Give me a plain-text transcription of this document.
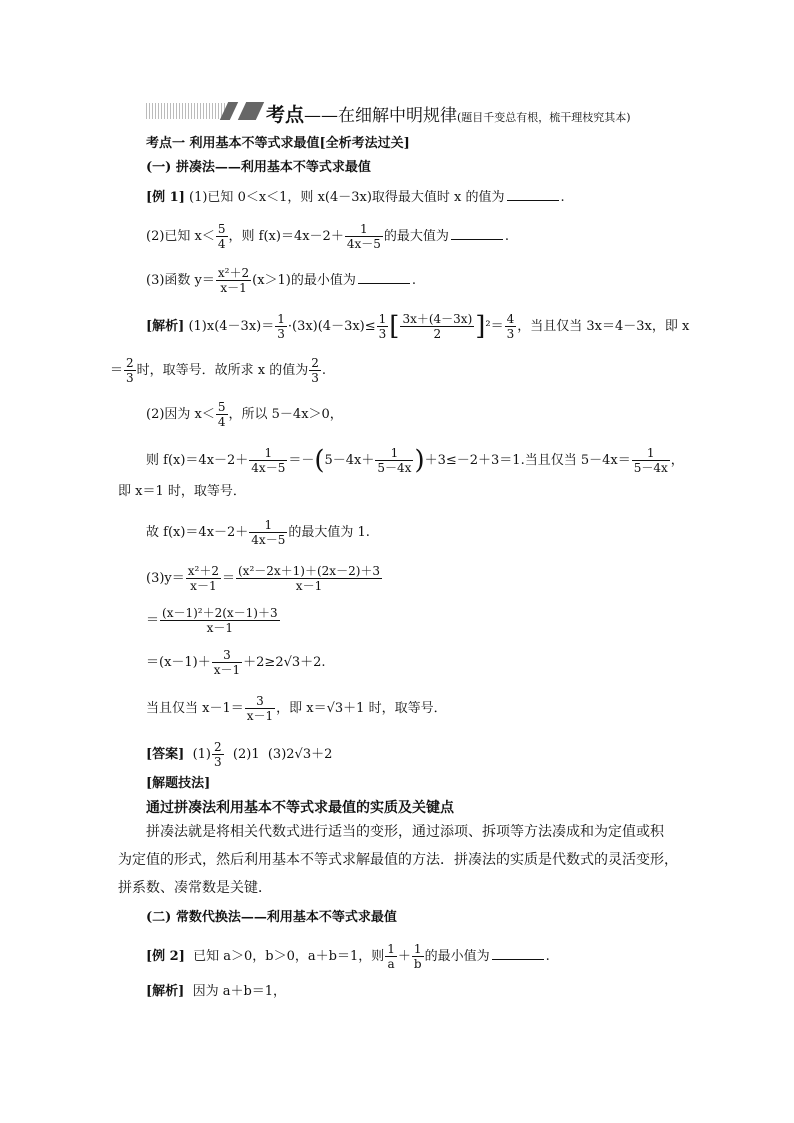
考点——在细解中明规律(题目千变总有根，梳干理枝究其本)
考点一 利用基本不等式求最值[全析考法过关]
(一) 拼凑法——利用基本不等式求最值
[例 1] (1)已知 0＜x＜1，则 x(4－3x)取得最大值时 x 的值为	.
(2)已知 $x< \frac{5}{4}$ ，则 $f(x)=4x-2+ \frac{1}{4x-5}$ 的最大值为	.
(3)函数 $y= \frac{\text{x²＋2}}{x-1} (x>1)$的最小值为	.
[解析] $(1)x(4-3x)= \frac{1}{3} \cdot(3x)(4-3x)\le \frac{1}{3}$ [ $\frac{3x+(4-3x)}{2} ]^2= \frac{4}{3}$ ，当且仅当 3x＝4－3x，即 x
＝ $\frac{2}{3}$ 时，取等号．故所求 x 的值为 $\frac{2}{3}$ .
(2)因为 $x< \frac{5}{4}$ ，所以 5－4x＞0，
则 $f(x)=4x-2+ \frac{1}{4x-5} =-(5-4x+ \frac{1}{5-4x} )+3\le-2+3=1$.当且仅当 $5-4x= \frac{1}{5-4x}$ ，
即 x＝1 时，取等号．
故 $f(x)=4x-2+ \frac{1}{4x-5}$ 的最大值为 1.
$(3)y= \frac{\text{x²＋2}}{x-1} = \frac{\text{(x²－2x＋1)＋(2x－2)＋3}}{x-1}$
＝ $\frac{\text{(x－1)²＋2(x－1)＋3}}{x-1}$
$=(x-1)+ \frac{3}{x-1} +2\ge 2√3+2$.
当且仅当 $x-1= \frac{3}{x-1}$ ，即 x＝√3＋1 时，取等号．
[答案] $(1) \frac{2}{3} (2)1$ (3)2√3＋2
[解题技法]
通过拼凑法利用基本不等式求最值的实质及关键点
拼凑法就是将相关代数式进行适当的变形，通过添项、拆项等方法凑成和为定值或积
为定值的形式，然后利用基本不等式求解最值的方法．拼凑法的实质是代数式的灵活变形，
拼系数、凑常数是关键．
(二) 常数代换法——利用基本不等式求最值
[例 2] 已知 a＞0，b＞0，a＋b＝1，则 $\frac{1}{a} + \frac{1}{b}$ 的最小值为	.
[解析] 因为 a＋b＝1，
